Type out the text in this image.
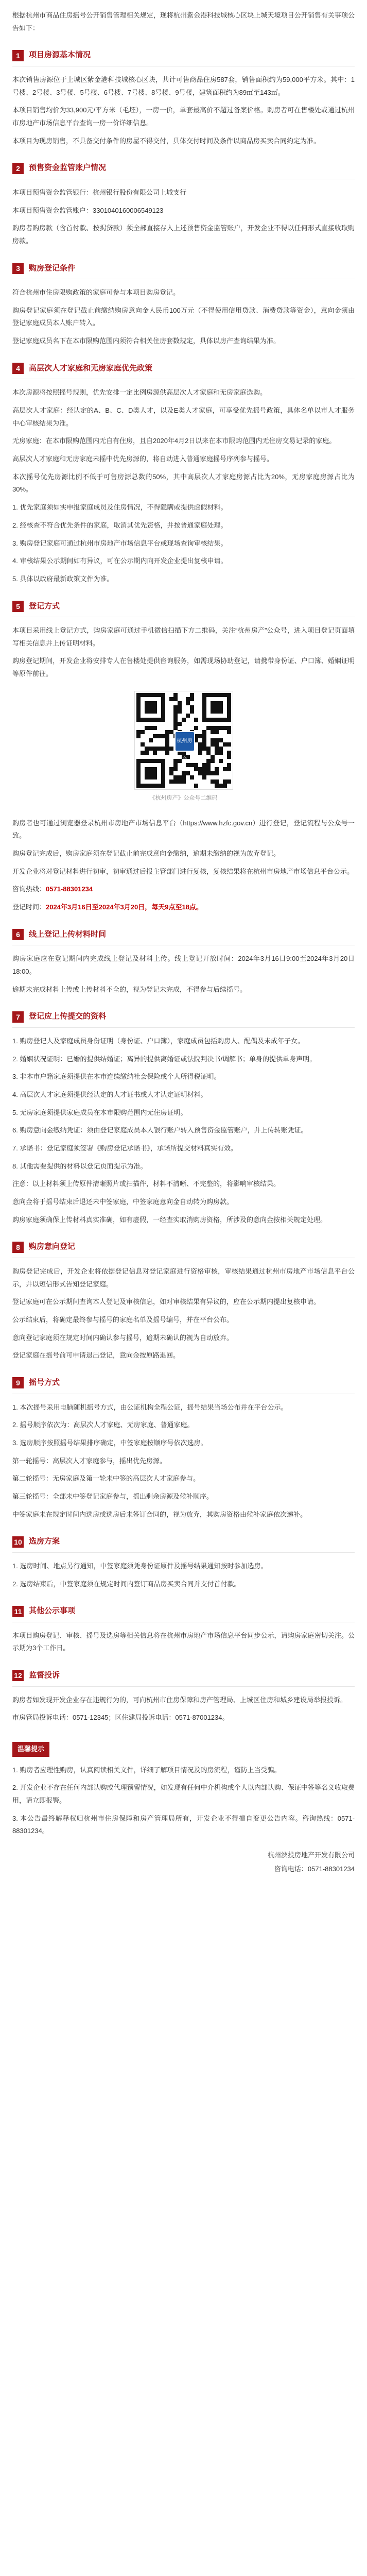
根据杭州市商品住房摇号公开销售管理相关规定，现将杭州紫金港科技城核心区块上城天境项目公开销售有关事项公告如下：

1	项目房源基本情况

本次销售房源位于上城区紫金港科技城核心区块，共计可售商品住房587套，销售面积约为59,000平方米。其中：1号楼、2号楼、3号楼、5号楼、6号楼、7号楼、8号楼、9号楼，建筑面积约为89㎡至143㎡。

本项目销售均价为33,900元/平方米（毛坯），一房一价，单套最高价不超过备案价格。购房者可在售楼处或通过杭州市房地产市场信息平台查询一房一价详细信息。

本项目为现房销售，不具备交付条件的房屋不得交付，具体交付时间及条件以商品房买卖合同约定为准。

2	预售资金监管账户情况

本项目预售资金监管银行：杭州银行股份有限公司上城支行

本项目预售资金监管账户：3301040160006549123

购房者购房款（含首付款、按揭贷款）须全部直接存入上述预售资金监管账户，开发企业不得以任何形式直接收取购房款。

3	购房登记条件

符合杭州市住房限购政策的家庭可参与本项目购房登记。

购房登记家庭须在登记截止前缴纳购房意向金人民币100万元（不得使用信用贷款、消费贷款等资金），意向金须由登记家庭成员本人账户转入。

登记家庭成员名下在本市限购范围内须符合相关住房套数规定，具体以房产查询结果为准。

4	高层次人才家庭和无房家庭优先政策

本次房源将按照摇号规则，优先安排一定比例房源供高层次人才家庭和无房家庭选购。

高层次人才家庭：经认定的A、B、C、D类人才，以及E类人才家庭，可享受优先摇号政策，具体名单以市人才服务中心审核结果为准。

无房家庭：在本市限购范围内无自有住房，且自2020年4月2日以来在本市限购范围内无住房交易记录的家庭。

高层次人才家庭和无房家庭未摇中优先房源的，将自动进入普通家庭摇号序列参与摇号。

本次摇号优先房源比例不低于可售房源总数的50%，其中高层次人才家庭房源占比为20%，无房家庭房源占比为30%。

1. 优先家庭须如实申报家庭成员及住房情况，不得隐瞒或提供虚假材料。

2. 经核查不符合优先条件的家庭，取消其优先资格，并按普通家庭处理。

3. 购房登记家庭可通过杭州市房地产市场信息平台或现场查询审核结果。

4. 审核结果公示期间如有异议，可在公示期内向开发企业提出复核申请。

5. 具体以政府最新政策文件为准。

5	登记方式

本项目采用线上登记方式，购房家庭可通过手机微信扫描下方二维码，关注“杭州房产”公众号，进入项目登记页面填写相关信息并上传证明材料。

购房登记期间，开发企业将安排专人在售楼处提供咨询服务，如需现场协助登记，请携带身份证、户口簿、婚姻证明等原件前往。

杭州房产
《杭州房产》公众号二维码

购房者也可通过浏览器登录杭州市房地产市场信息平台（https://www.hzfc.gov.cn）进行登记，登记流程与公众号一致。

购房登记完成后，购房家庭须在登记截止前完成意向金缴纳，逾期未缴纳的视为放弃登记。

开发企业将对登记材料进行初审，初审通过后报主管部门进行复核，复核结果将在杭州市房地产市场信息平台公示。

咨询热线：0571-88301234

登记时间：2024年3月16日至2024年3月20日，每天9点至18点。

6	线上登记上传材料时间

购房家庭应在登记期间内完成线上登记及材料上传。线上登记开放时间：2024年3月16日9:00至2024年3月20日18:00。

逾期未完成材料上传或上传材料不全的，视为登记未完成，不得参与后续摇号。

7	登记应上传提交的资料

1. 购房登记人及家庭成员身份证明（身份证、户口簿），家庭成员包括购房人、配偶及未成年子女。

2. 婚姻状况证明：已婚的提供结婚证；离异的提供离婚证或法院判决书/调解书；单身的提供单身声明。

3. 非本市户籍家庭须提供在本市连续缴纳社会保险或个人所得税证明。

4. 高层次人才家庭须提供经认定的人才证书或人才认定证明材料。

5. 无房家庭须提供家庭成员在本市限购范围内无住房证明。

6. 购房意向金缴纳凭证：须由登记家庭成员本人银行账户转入预售资金监管账户，并上传转账凭证。

7. 承诺书：登记家庭须签署《购房登记承诺书》，承诺所提交材料真实有效。

8. 其他需要提供的材料以登记页面提示为准。

注意：以上材料须上传原件清晰照片或扫描件，材料不清晰、不完整的，将影响审核结果。

意向金将于摇号结束后退还未中签家庭，中签家庭意向金自动转为购房款。

购房家庭须确保上传材料真实准确，如有虚假，一经查实取消购房资格，所涉及的意向金按相关规定处理。

8	购房意向登记

购房登记完成后，开发企业将依据登记信息对登记家庭进行资格审核，审核结果通过杭州市房地产市场信息平台公示，并以短信形式告知登记家庭。

登记家庭可在公示期间查询本人登记及审核信息，如对审核结果有异议的，应在公示期内提出复核申请。

公示结束后，将确定最终参与摇号的家庭名单及摇号编号，并在平台公布。

意向登记家庭须在规定时间内确认参与摇号，逾期未确认的视为自动放弃。

登记家庭在摇号前可申请退出登记，意向金按原路退回。

9	摇号方式

1. 本次摇号采用电脑随机摇号方式，由公证机构全程公证，摇号结果当场公布并在平台公示。

2. 摇号顺序依次为：高层次人才家庭、无房家庭、普通家庭。

3. 选房顺序按照摇号结果排序确定，中签家庭按顺序号依次选房。

第一轮摇号：高层次人才家庭参与，摇出优先房源。

第二轮摇号：无房家庭及第一轮未中签的高层次人才家庭参与。

第三轮摇号：全部未中签登记家庭参与，摇出剩余房源及候补顺序。

中签家庭未在规定时间内选房或选房后未签订合同的，视为放弃，其购房资格由候补家庭依次递补。

10 选房方案

1. 选房时间、地点另行通知，中签家庭须凭身份证原件及摇号结果通知按时参加选房。

2. 选房结束后，中签家庭须在规定时间内签订商品房买卖合同并支付首付款。

11 其他公示事项

本项目购房登记、审核、摇号及选房等相关信息将在杭州市房地产市场信息平台同步公示，请购房家庭密切关注。公示期为3个工作日。

12 监督投诉

购房者如发现开发企业存在违规行为的，可向杭州市住房保障和房产管理局、上城区住房和城乡建设局举报投诉。

市房管局投诉电话：0571-12345；区住建局投诉电话：0571-87001234。

温馨提示

1. 购房者应理性购房，认真阅读相关文件，详细了解项目情况及购房流程，谨防上当受骗。

2. 开发企业不存在任何内部认购或代理预留情况，如发现有任何中介机构或个人以内部认购、保证中签等名义收取费用，请立即报警。

3. 本公告最终解释权归杭州市住房保障和房产管理局所有，开发企业不得擅自变更公告内容。咨询热线：0571-88301234。

杭州滨投房地产开发有限公司

咨询电话：0571-88301234
